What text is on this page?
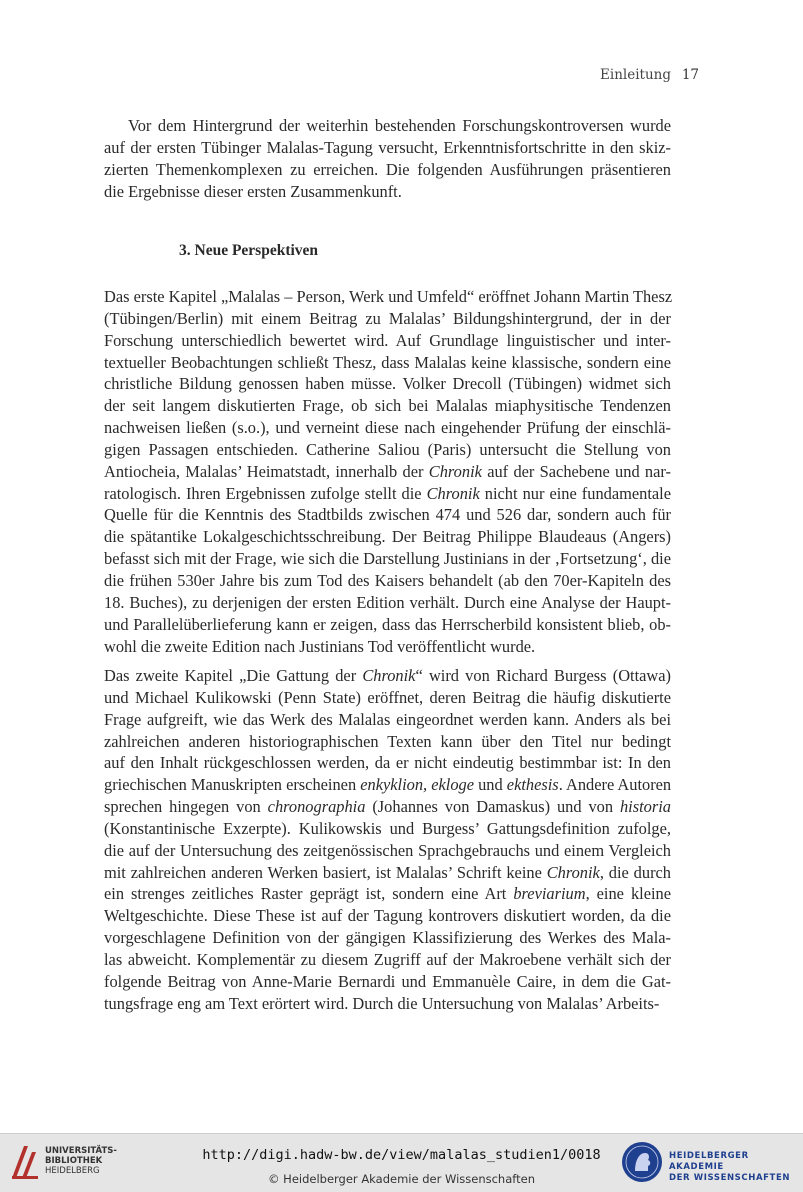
Einleitung 17
Vor dem Hintergrund der weiterhin bestehenden Forschungskontroversen wurde
auf der ersten Tübinger Malalas-Tagung versucht, Erkenntnisfortschritte in den skiz-
zierten Themenkomplexen zu erreichen. Die folgenden Ausführungen präsentieren
die Ergebnisse dieser ersten Zusammenkunft.
3. Neue Perspektiven
Das erste Kapitel „Malalas – Person, Werk und Umfeld“ eröffnet Johann Martin Thesz
(Tübingen/Berlin) mit einem Beitrag zu Malalas’ Bildungshintergrund, der in der
Forschung unterschiedlich bewertet wird. Auf Grundlage linguistischer und inter-
textueller Beobachtungen schließt Thesz, dass Malalas keine klassische, sondern eine
christliche Bildung genossen haben müsse. Volker Drecoll (Tübingen) widmet sich
der seit langem diskutierten Frage, ob sich bei Malalas miaphysitische Tendenzen
nachweisen ließen (s.o.), und verneint diese nach eingehender Prüfung der einschlä-
gigen Passagen entschieden. Catherine Saliou (Paris) untersucht die Stellung von
Antiocheia, Malalas’ Heimatstadt, innerhalb der Chronik auf der Sachebene und nar-
ratologisch. Ihren Ergebnissen zufolge stellt die Chronik nicht nur eine fundamentale
Quelle für die Kenntnis des Stadtbilds zwischen 474 und 526 dar, sondern auch für
die spätantike Lokalgeschichtsschreibung. Der Beitrag Philippe Blaudeaus (Angers)
befasst sich mit der Frage, wie sich die Darstellung Justinians in der ‚Fortsetzung‘, die
die frühen 530er Jahre bis zum Tod des Kaisers behandelt (ab den 70er-Kapiteln des
18. Buches), zu derjenigen der ersten Edition verhält. Durch eine Analyse der Haupt-
und Parallelüberlieferung kann er zeigen, dass das Herrscherbild konsistent blieb, ob-
wohl die zweite Edition nach Justinians Tod veröffentlicht wurde.
Das zweite Kapitel „Die Gattung der Chronik“ wird von Richard Burgess (Ottawa)
und Michael Kulikowski (Penn State) eröffnet, deren Beitrag die häufig diskutierte
Frage aufgreift, wie das Werk des Malalas eingeordnet werden kann. Anders als bei
zahlreichen anderen historiographischen Texten kann über den Titel nur bedingt
auf den Inhalt rückgeschlossen werden, da er nicht eindeutig bestimmbar ist: In den
griechischen Manuskripten erscheinen enkyklion, ekloge und ekthesis. Andere Autoren
sprechen hingegen von chronographia (Johannes von Damaskus) und von historia
(Konstantinische Exzerpte). Kulikowskis und Burgess’ Gattungsdefinition zufolge,
die auf der Untersuchung des zeitgenössischen Sprachgebrauchs und einem Vergleich
mit zahlreichen anderen Werken basiert, ist Malalas’ Schrift keine Chronik, die durch
ein strenges zeitliches Raster geprägt ist, sondern eine Art breviarium, eine kleine
Weltgeschichte. Diese These ist auf der Tagung kontrovers diskutiert worden, da die
vorgeschlagene Definition von der gängigen Klassifizierung des Werkes des Mala-
las abweicht. Komplementär zu diesem Zugriff auf der Makroebene verhält sich der
folgende Beitrag von Anne-Marie Bernardi und Emmanuèle Caire, in dem die Gat-
tungsfrage eng am Text erörtert wird. Durch die Untersuchung von Malalas’ Arbeits-
UNIVERSITÄTS-
BIBLIOTHEK
HEIDELBERG
http://digi.hadw-bw.de/view/malalas_studien1/0018
© Heidelberger Akademie der Wissenschaften
HEIDELBERGER AKADEMIE
DER WISSENSCHAFTEN
